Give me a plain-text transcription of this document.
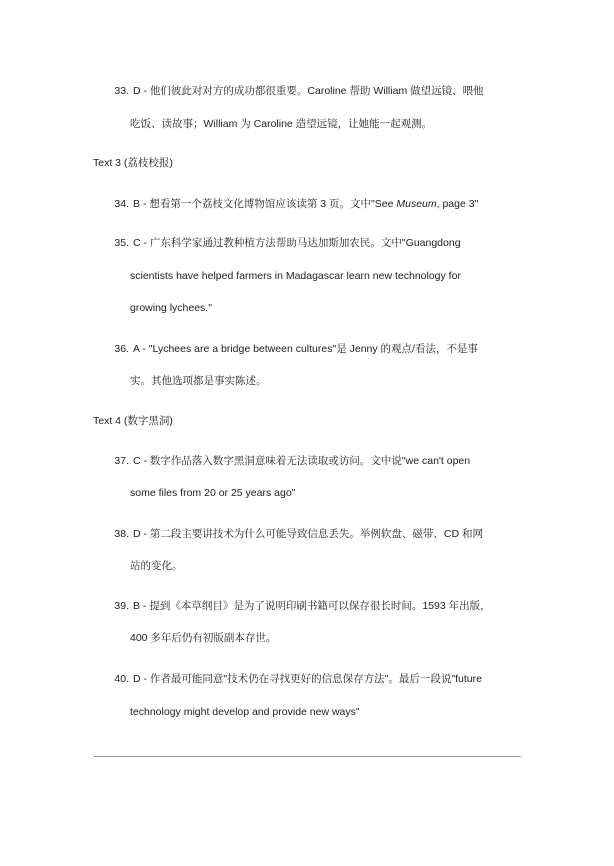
33. D - 他们彼此对对方的成功都很重要。Caroline 帮助 William 做望远镜、喂他
吃饭、读故事；William 为 Caroline 造望远镜，让她能一起观测。
Text 3 (荔枝校报)
34. B - 想看第一个荔枝文化博物馆应该读第 3 页。文中"See Museum, page 3"
35. C - 广东科学家通过教种植方法帮助马达加斯加农民。文中"Guangdong
scientists have helped farmers in Madagascar learn new technology for
growing lychees."
36. A - "Lychees are a bridge between cultures"是 Jenny 的观点/看法，不是事
实。其他选项都是事实陈述。
Text 4 (数字黑洞)
37. C - 数字作品落入数字黑洞意味着无法读取或访问。文中说"we can't open
some files from 20 or 25 years ago"
38. D - 第二段主要讲技术为什么可能导致信息丢失。举例软盘、磁带、CD 和网
站的变化。
39. B - 提到《本草纲目》是为了说明印刷书籍可以保存很长时间。1593 年出版，
400 多年后仍有初版副本存世。
40. D - 作者最可能同意"技术仍在寻找更好的信息保存方法"。最后一段说"future
technology might develop and provide new ways"
